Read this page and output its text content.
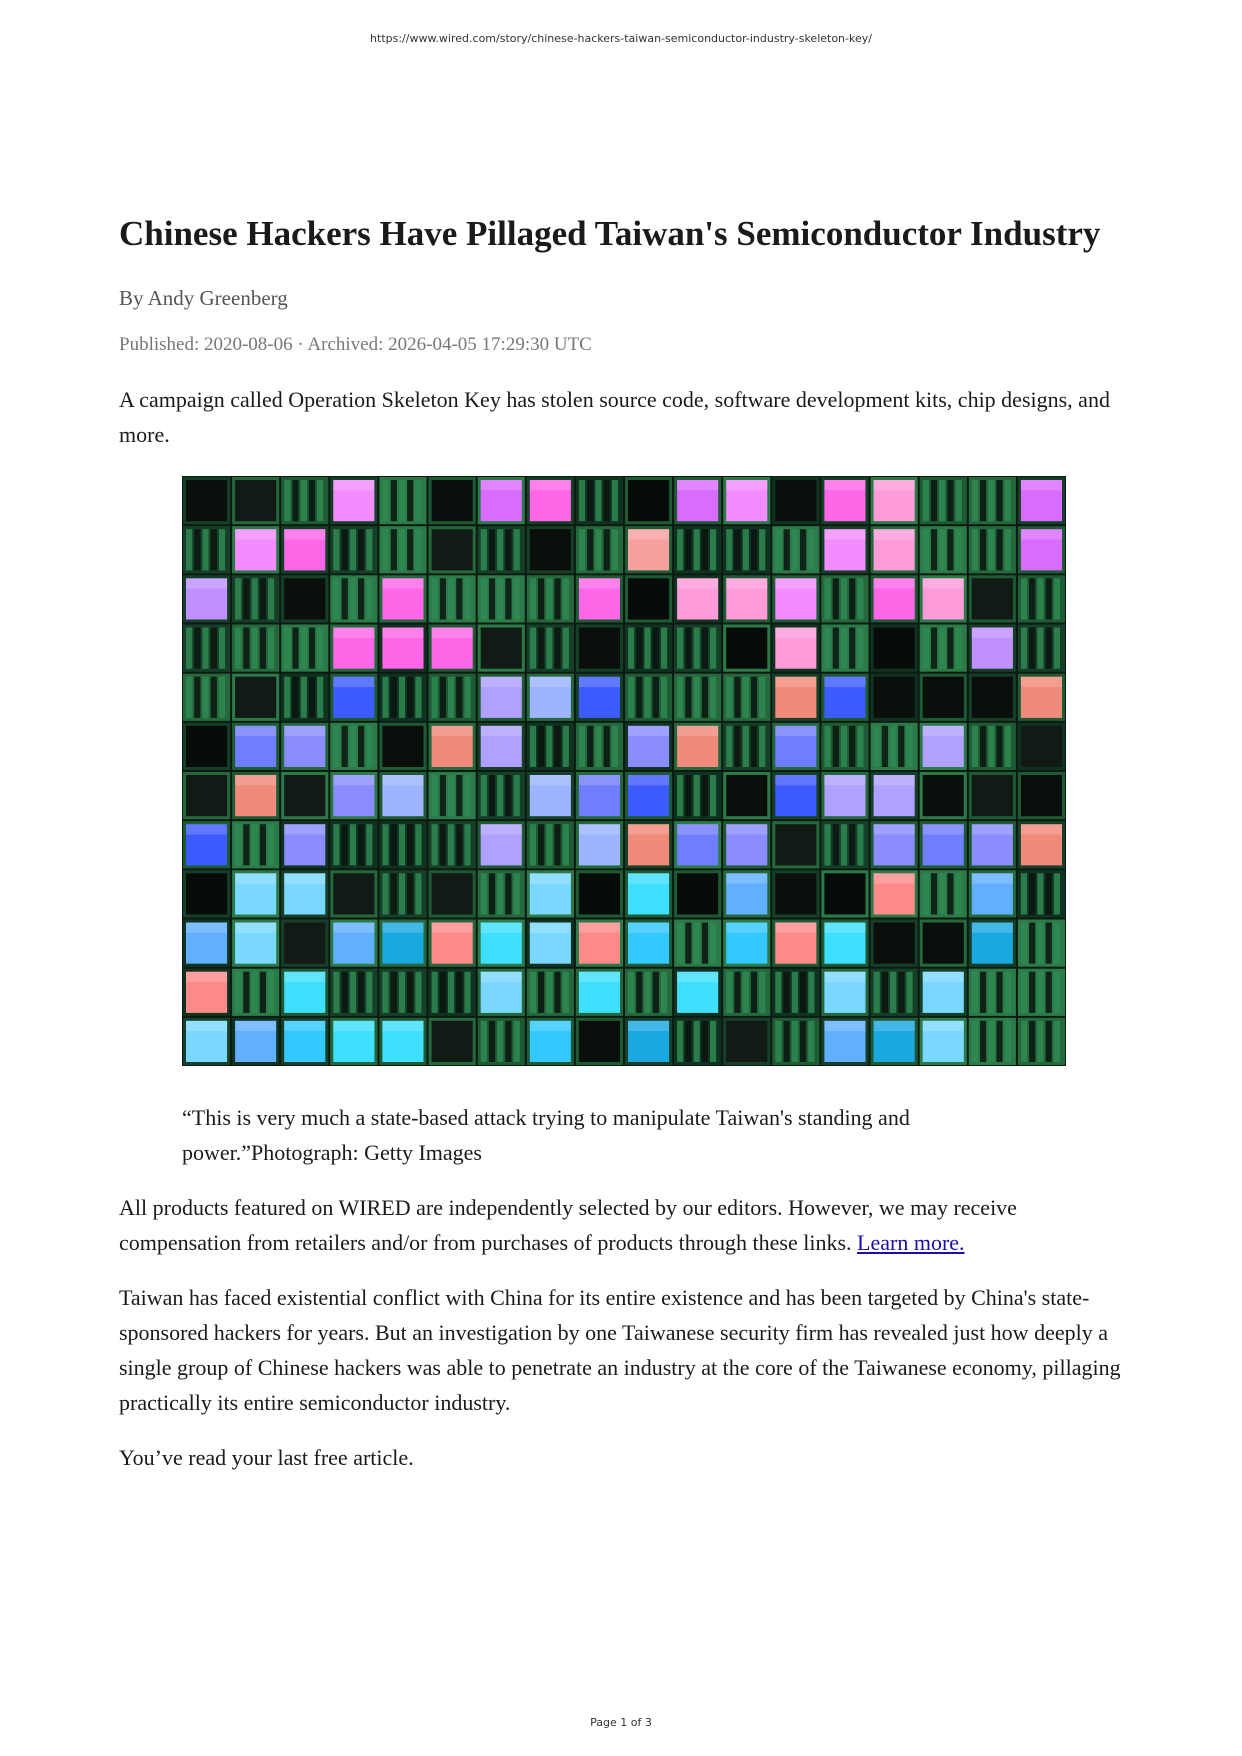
https://www.wired.com/story/chinese-hackers-taiwan-semiconductor-industry-skeleton-key/
Chinese Hackers Have Pillaged Taiwan's Semiconductor Industry
By Andy Greenberg
Published: 2020-08-06 · Archived: 2026-04-05 17:29:30 UTC
A campaign called Operation Skeleton Key has stolen source code, software development kits, chip designs, and more.
“This is very much a state-based attack trying to manipulate Taiwan's standing and power.”Photograph: Getty Images

All products featured on WIRED are independently selected by our editors. However, we may receive compensation from retailers and/or from purchases of products through these links. Learn more.

Taiwan has faced existential conflict with China for its entire existence and has been targeted by China's state-sponsored hackers for years. But an investigation by one Taiwanese security firm has revealed just how deeply a single group of Chinese hackers was able to penetrate an industry at the core of the Taiwanese economy, pillaging practically its entire semiconductor industry.

You’ve read your last free article.

Page 1 of 3
